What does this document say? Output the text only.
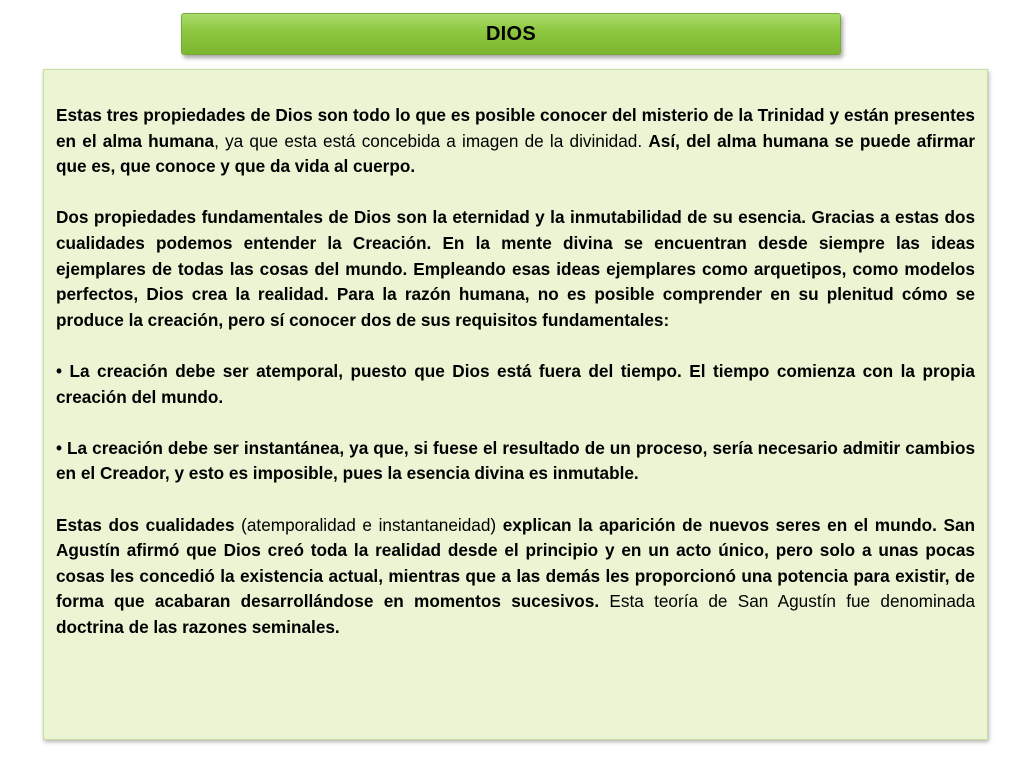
DIOS

Estas tres propiedades de Dios son todo lo que es posible conocer del misterio de la Trinidad y están presentes en el alma humana, ya que esta está concebida a imagen de la divinidad. Así, del alma humana se puede afirmar que es, que conoce y que da vida al cuerpo.

Dos propiedades fundamentales de Dios son la eternidad y la inmutabilidad de su esencia. Gracias a estas dos cualidades podemos entender la Creación. En la mente divina se encuentran desde siempre las ideas ejemplares de todas las cosas del mundo. Empleando esas ideas ejemplares como arquetipos, como modelos perfectos, Dios crea la realidad. Para la razón humana, no es posible comprender en su plenitud cómo se produce la creación, pero sí conocer dos de sus requisitos fundamentales:

• La creación debe ser atemporal, puesto que Dios está fuera del tiempo. El tiempo comienza con la propia creación del mundo.

• La creación debe ser instantánea, ya que, si fuese el resultado de un proceso, sería necesario admitir cambios en el Creador, y esto es imposible, pues la esencia divina es inmutable.

Estas dos cualidades (atemporalidad e instantaneidad) explican la aparición de nuevos seres en el mundo. San Agustín afirmó que Dios creó toda la realidad desde el principio y en un acto único, pero solo a unas pocas cosas les concedió la existencia actual, mientras que a las demás les proporcionó una potencia para existir, de forma que acabaran desarrollándose en momentos sucesivos. Esta teoría de San Agustín fue denominada doctrina de las razones seminales.
